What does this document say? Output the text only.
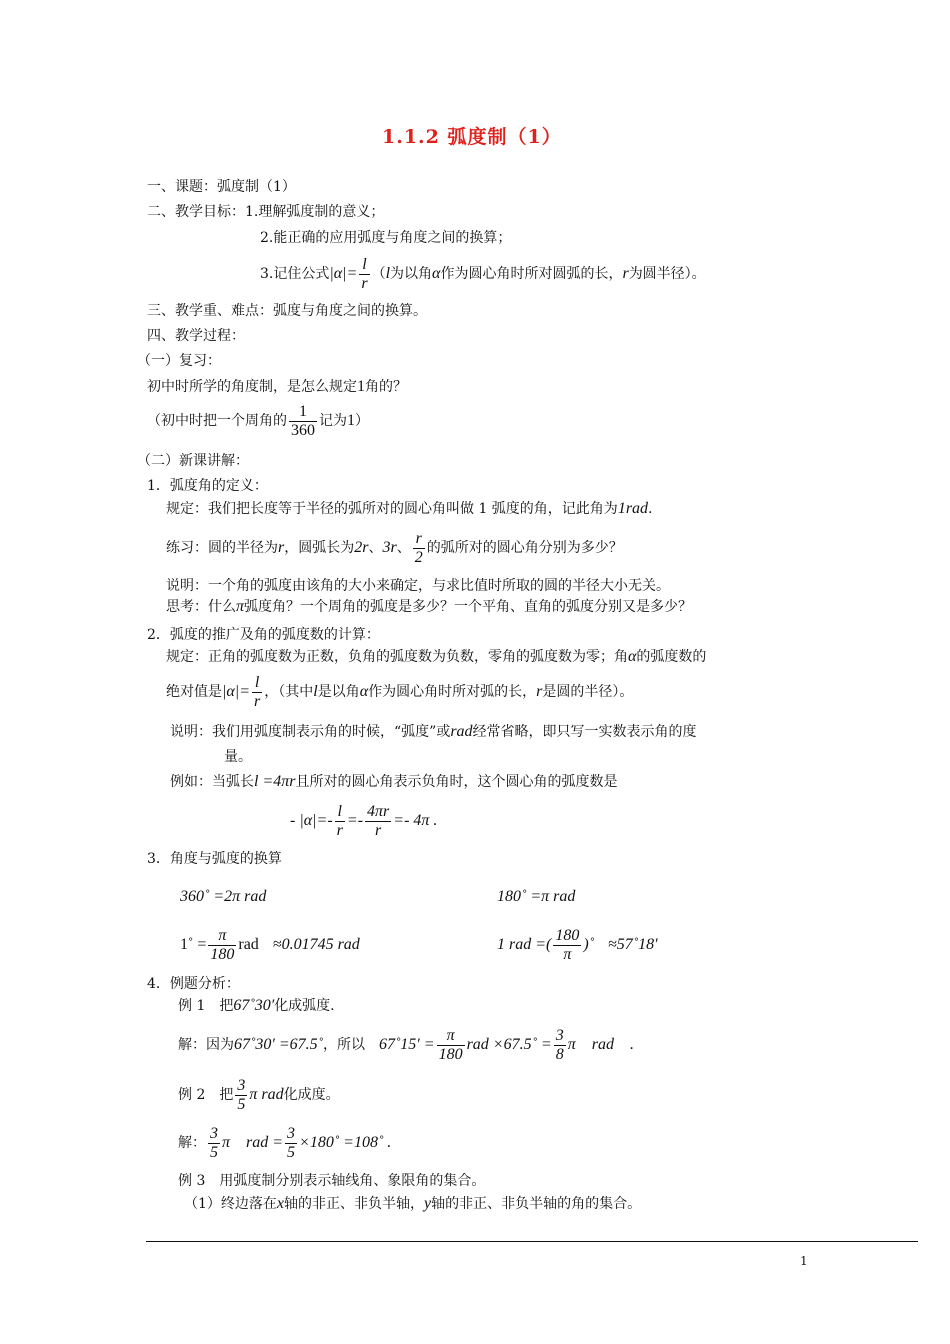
1.1.2 弧度制（1）
一、课题：弧度制（1）
二、教学目标：1.理解弧度制的意义；
2.能正确的应用弧度与角度之间的换算；
3.记住公式$|\alpha|= \frac{l}{r} (l$为以角α作为圆心角时所对圆弧的长，r为圆半径）。
三、教学重、难点：弧度与角度之间的换算。
四、教学过程：
（一）复习：
初中时所学的角度制，是怎么规定1角的？
（初中时把一个周角的 $\frac{1}{360}$ 记为1）
（二）新课讲解：
1．弧度角的定义：
规定：我们把长度等于半径的弧所对的圆心角叫做 1 弧度的角，记此角为1rad.
练习：圆的半径为r，圆弧长为2r、3r、 $\frac{r}{2}$ 的弧所对的圆心角分别为多少？
说明：一个角的弧度由该角的大小来确定，与求比值时所取的圆的半径大小无关。
思考：什么π弧度角？一个周角的弧度是多少？一个平角、直角的弧度分别又是多少？
2．弧度的推广及角的弧度数的计算：
规定：正角的弧度数为正数，负角的弧度数为负数，零角的弧度数为零；角α的弧度数的
绝对值是$|\alpha|= \frac{l}{r}$ ，（其中l是以角α作为圆心角时所对弧的长，r是圆的半径）。
说明：我们用弧度制表示角的时候，“弧度”或rad经常省略，即只写一实数表示角的度
量。
例如：当弧长l =4πr且所对的圆心角表示负角时，这个圆心角的弧度数是
- $|\alpha|=- \frac{l}{r} =- \frac{4\pi r}{r} =- 4\pi$ .
3．角度与弧度的换算
360˚ =2π rad	180˚ =π rad
1˚ = $\frac{\pi}{180}$ rad　 ≈0.01745 rad	1 rad =( $\frac{180}{\pi}$ )˚　 ≈57˚18′
4．例题分析：
例 1　把67˚30′化成弧度.
解：因为67˚30′ =67.5˚，所以　 67˚15′ = $\frac{\pi}{180}$ rad ×67.5˚ = $\frac{3}{8}$ π　rad　.
例 2　把 $\frac{3}{5}$ π rad化成度。
解： $\frac{3}{5}$ π　rad = $\frac{3}{5}$ ×180˚ =108˚ .
例 3　用弧度制分别表示轴线角、象限角的集合。
（1）终边落在x轴的非正、非负半轴，y轴的非正、非负半轴的角的集合。
1
